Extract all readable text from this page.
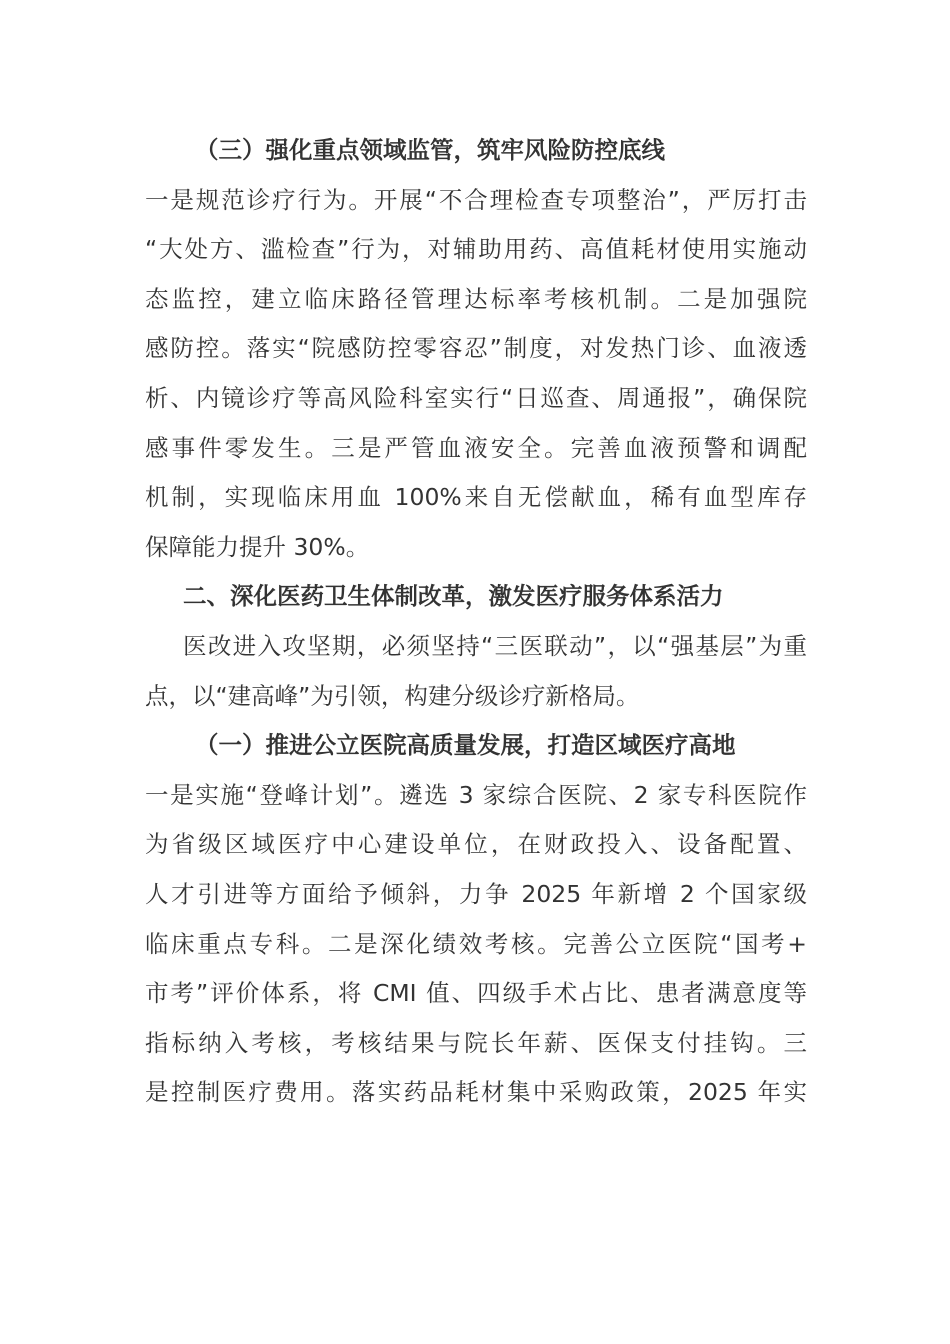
（三）强化重点领域监管，筑牢风险防控底线
一是规范诊疗行为。开展“不合理检查专项整治”，严厉打击
“大处方、滥检查”行为，对辅助用药、高值耗材使用实施动
态监控，建立临床路径管理达标率考核机制。二是加强院
感防控。落实“院感防控零容忍”制度，对发热门诊、血液透
析、内镜诊疗等高风险科室实行“日巡查、周通报”，确保院
感事件零发生。三是严管血液安全。完善血液预警和调配
机制，实现临床用血 100%来自无偿献血，稀有血型库存
保障能力提升 30%。
二、深化医药卫生体制改革，激发医疗服务体系活力
医改进入攻坚期，必须坚持“三医联动”，以“强基层”为重
点，以“建高峰”为引领，构建分级诊疗新格局。
（一）推进公立医院高质量发展，打造区域医疗高地
一是实施“登峰计划”。遴选 3 家综合医院、2 家专科医院作
为省级区域医疗中心建设单位，在财政投入、设备配置、
人才引进等方面给予倾斜，力争 2025 年新增 2 个国家级
临床重点专科。二是深化绩效考核。完善公立医院“国考+
市考”评价体系，将 CMI 值、四级手术占比、患者满意度等
指标纳入考核，考核结果与院长年薪、医保支付挂钩。三
是控制医疗费用。落实药品耗材集中采购政策，2025 年实
